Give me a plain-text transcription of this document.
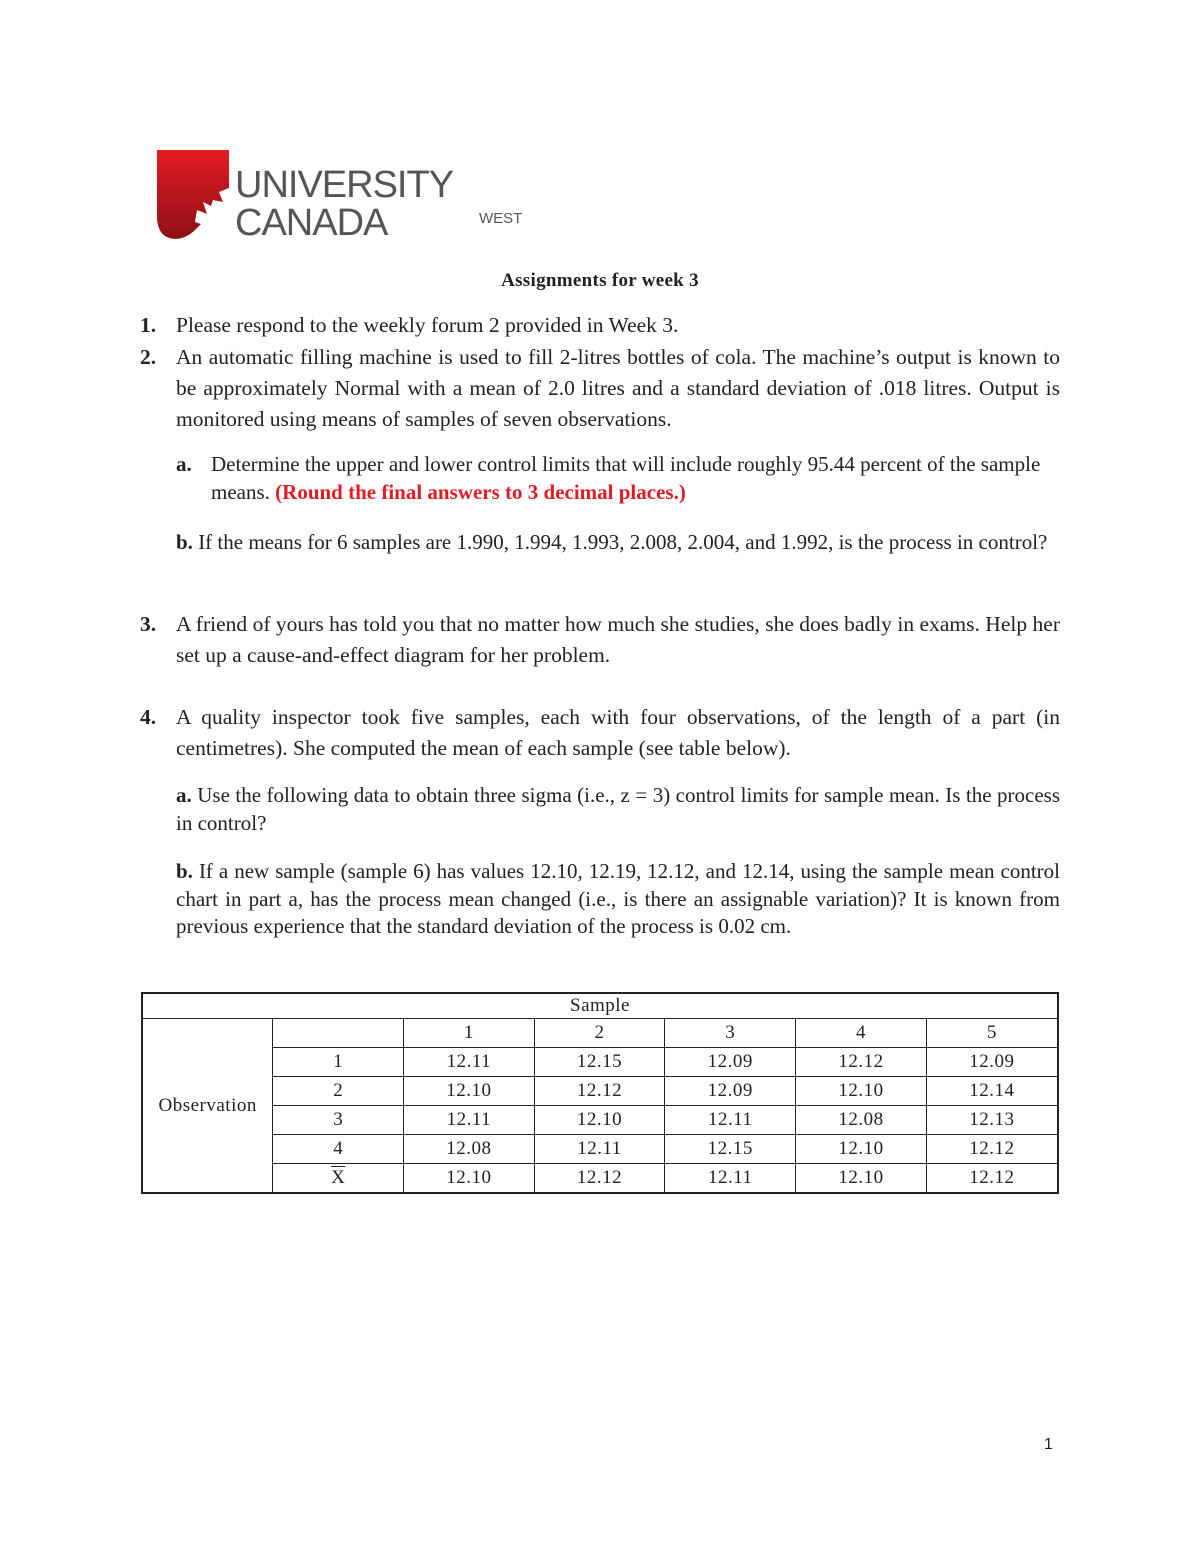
UNIVERSITY
CANADA	WEST
Assignments for week 3
1. Please respond to the weekly forum 2 provided in Week 3.
2. An automatic filling machine is used to fill 2-litres bottles of cola. The machine’s output is known to be approximately Normal with a mean of 2.0 litres and a standard deviation of .018 litres. Output is monitored using means of samples of seven observations.
a. Determine the upper and lower control limits that will include roughly 95.44 percent of the sample means. (Round the final answers to 3 decimal places.)
b. If the means for 6 samples are 1.990, 1.994, 1.993, 2.008, 2.004, and 1.992, is the process in control?
3. A friend of yours has told you that no matter how much she studies, she does badly in exams. Help her set up a cause-and-effect diagram for her problem.
4. A quality inspector took five samples, each with four observations, of the length of a part (in centimetres). She computed the mean of each sample (see table below).
a. Use the following data to obtain three sigma (i.e., z = 3) control limits for sample mean. Is the process in control?
b. If a new sample (sample 6) has values 12.10, 12.19, 12.12, and 12.14, using the sample mean control chart in part a, has the process mean changed (i.e., is there an assignable variation)? It is known from previous experience that the standard deviation of the process is 0.02 cm.
Sample						
Observation		1	2	3	4	5
	1	12.11	12.15	12.09	12.12	12.09
	2	12.10	12.12	12.09	12.10	12.14
	3	12.11	12.10	12.11	12.08	12.13
	4	12.08	12.11	12.15	12.10	12.12
	$\overline{X}$	12.10	12.12	12.11	12.10	12.12
1
